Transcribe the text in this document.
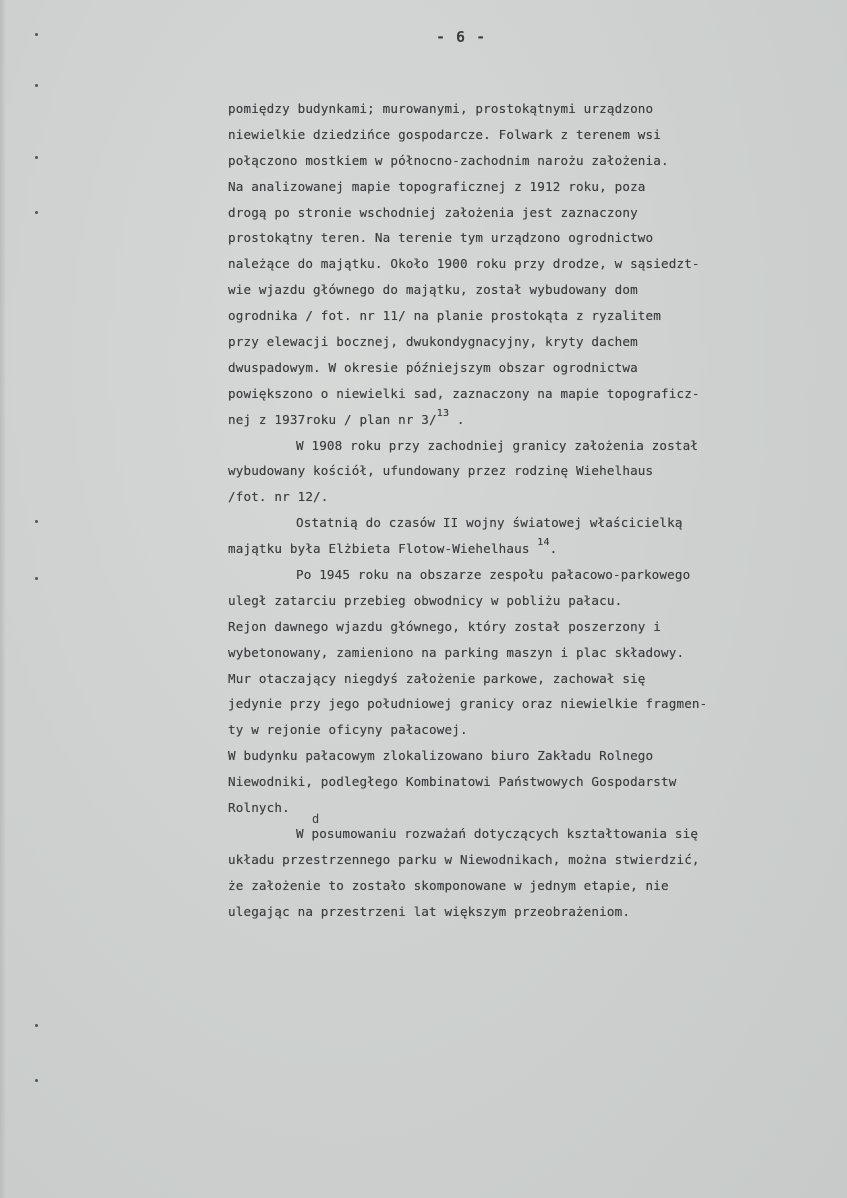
- 6 -
pomiędzy budynkami; murowanymi, prostokątnymi urządzono
niewielkie dziedzińce gospodarcze. Folwark z terenem wsi
połączono mostkiem w północno-zachodnim narożu założenia.
Na analizowanej mapie topograficznej z 1912 roku, poza
drogą po stronie wschodniej założenia jest zaznaczony
prostokątny teren. Na terenie tym urządzono ogrodnictwo
należące do majątku. Około 1900 roku przy drodze, w sąsiedzt-
wie wjazdu głównego do majątku, został wybudowany dom
ogrodnika / fot. nr 11/ na planie prostokąta z ryzalitem
przy elewacji bocznej, dwukondygnacyjny, kryty dachem
dwuspadowym. W okresie późniejszym obszar ogrodnictwa
powiększono o niewielki sad, zaznaczony na mapie topograficz-
nej z 1937roku / plan nr 3/$^{13}$ .
W 1908 roku przy zachodniej granicy założenia został
wybudowany kościół, ufundowany przez rodzinę Wiehelhaus
/fot. nr 12/.
Ostatnią do czasów II wojny światowej właścicielką
majątku była Elżbieta Flotow-Wiehelhaus $^{14}$.
Po 1945 roku na obszarze zespołu pałacowo-parkowego
uległ zatarciu przebieg obwodnicy w pobliżu pałacu.
Rejon dawnego wjazdu głównego, który został poszerzony i
wybetonowany, zamieniono na parking maszyn i plac składowy.
Mur otaczający niegdyś założenie parkowe, zachował się
jedynie przy jego południowej granicy oraz niewielkie fragmen-
ty w rejonie oficyny pałacowej.
W budynku pałacowym zlokalizowano biuro Zakładu Rolnego
Niewodniki, podległego Kombinatowi Państwowych Gospodarstw
Rolnych.
W posumowaniu rozważań dotyczących kształtowania się
układu przestrzennego parku w Niewodnikach, można stwierdzić,
że założenie to zostało skomponowane w jednym etapie, nie
ulegając na przestrzeni lat większym przeobrażeniom.
d
